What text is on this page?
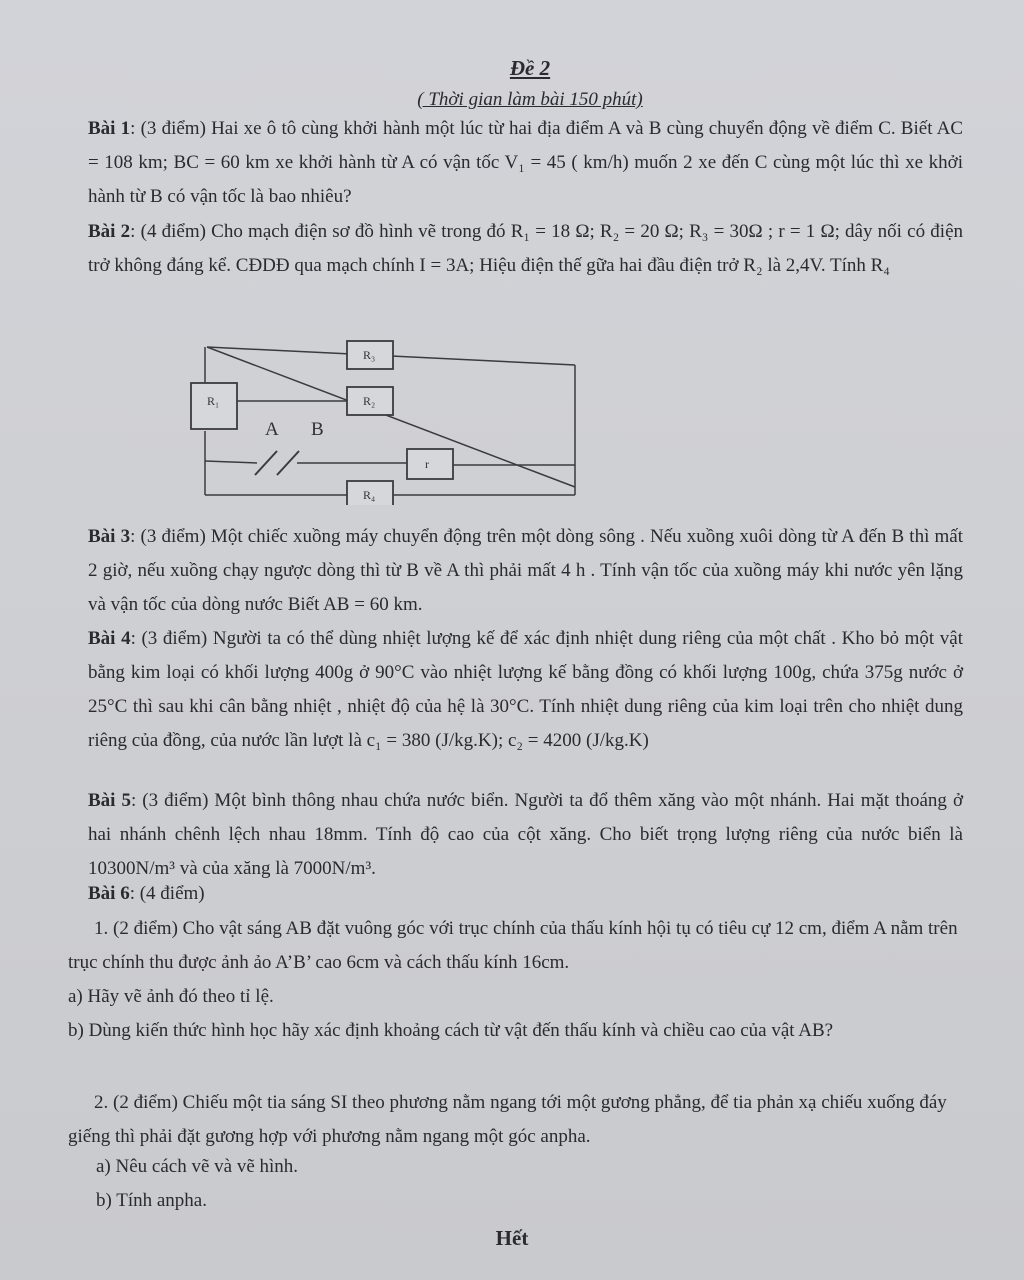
Đề 2
( Thời gian làm bài 150 phút)
Bài 1: (3 điểm) Hai xe ô tô cùng khởi hành một lúc từ hai địa điểm A và B cùng chuyển động về điểm C. Biết AC = 108 km; BC = 60 km xe khởi hành từ A có vận tốc V₁ = 45 ( km/h) muốn 2 xe đến C cùng một lúc thì xe khởi hành từ B có vận tốc là bao nhiêu?
Bài 2: (4 điểm) Cho mạch điện sơ đồ hình vẽ trong đó R₁ = 18 Ω; R₂ = 20 Ω; R₃ = 30Ω ; r = 1 Ω; dây nối có điện trở không đáng kể. CĐDĐ qua mạch chính I = 3A; Hiệu điện thế gữa hai đầu điện trở R₂ là 2,4V. Tính R₄
R₁
R₃
R₂
r
R₄
A B
Bài 3: (3 điểm) Một chiếc xuồng máy chuyển động trên một dòng sông . Nếu xuồng xuôi dòng từ A đến B thì mất 2 giờ, nếu xuồng chạy ngược dòng thì từ B về A thì phải mất 4 h . Tính vận tốc của xuồng máy khi nước yên lặng và vận tốc của dòng nước Biết AB = 60 km.
Bài 4: (3 điểm) Người ta có thể dùng nhiệt lượng kế để xác định nhiệt dung riêng của một chất . Kho bỏ một vật bằng kim loại có khối lượng 400g ở 90°C vào nhiệt lượng kế bằng đồng có khối lượng 100g, chứa 375g nước ở 25°C thì sau khi cân bằng nhiệt , nhiệt độ của hệ là 30°C. Tính nhiệt dung riêng của kim loại trên cho nhiệt dung riêng của đồng, của nước lần lượt là c₁ = 380 (J/kg.K); c₂ = 4200 (J/kg.K)
Bài 5: (3 điểm) Một bình thông nhau chứa nước biển. Người ta đổ thêm xăng vào một nhánh. Hai mặt thoáng ở hai nhánh chênh lệch nhau 18mm. Tính độ cao của cột xăng. Cho biết trọng lượng riêng của nước biển là 10300N/m³ và của xăng là 7000N/m³.
Bài 6: (4 điểm)
1. (2 điểm) Cho vật sáng AB đặt vuông góc với trục chính của thấu kính hội tụ có tiêu cự 12 cm, điểm A nằm trên trục chính thu được ảnh ảo A’B’ cao 6cm và cách thấu kính 16cm.
a) Hãy vẽ ảnh đó theo tỉ lệ.
b) Dùng kiến thức hình học hãy xác định khoảng cách từ vật đến thấu kính và chiều cao của vật AB?
2. (2 điểm) Chiếu một tia sáng SI theo phương nằm ngang tới một gương phẳng, để tia phản xạ chiếu xuống đáy giếng thì phải đặt gương hợp với phương nằm ngang một góc anpha.
a) Nêu cách vẽ và vẽ hình.
b) Tính anpha.
Hết
